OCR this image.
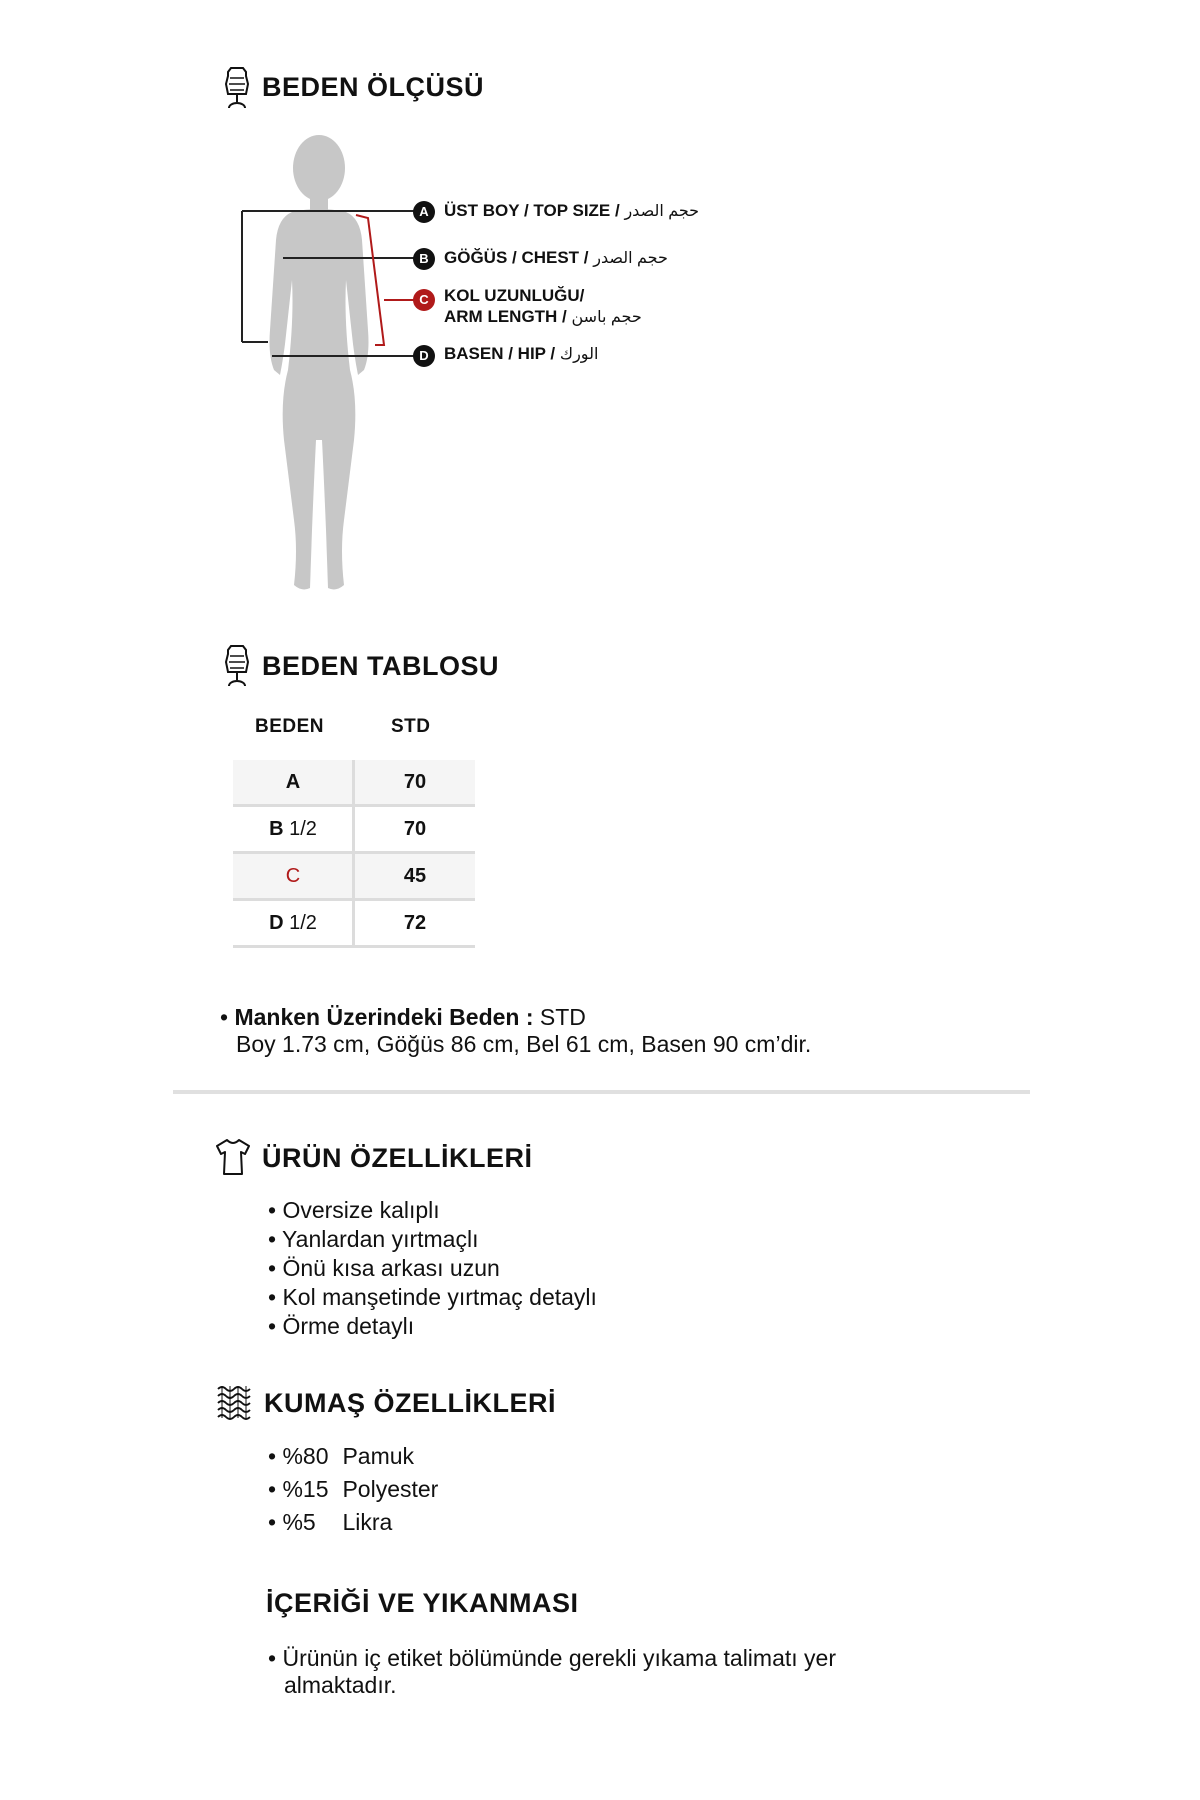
BEDEN ÖLÇÜSÜ
A ÜST BOY / TOP SIZE / حجم الصدر
B GÖĞÜS / CHEST / حجم الصدر
C KOL UZUNLUĞU/
ARM LENGTH / حجم باسن
D BASEN / HIP / الورك
BEDEN TABLOSU
BEDEN	STD
A	70
B 1/2	70
C	45
D 1/2	72
• Manken Üzerindeki Beden : STD
Boy 1.73 cm, Göğüs 86 cm, Bel 61 cm, Basen 90 cm’dir.
ÜRÜN ÖZELLİKLERİ
• Oversize kalıplı
• Yanlardan yırtmaçlı
• Önü kısa arkası uzun
• Kol manşetinde yırtmaç detaylı
• Örme detaylı
KUMAŞ ÖZELLİKLERİ
• %80 Pamuk
• %15 Polyester
• %5 Likra
İÇERİĞİ VE YIKANMASI
• Ürünün iç etiket bölümünde gerekli yıkama talimatı yer
almaktadır.
